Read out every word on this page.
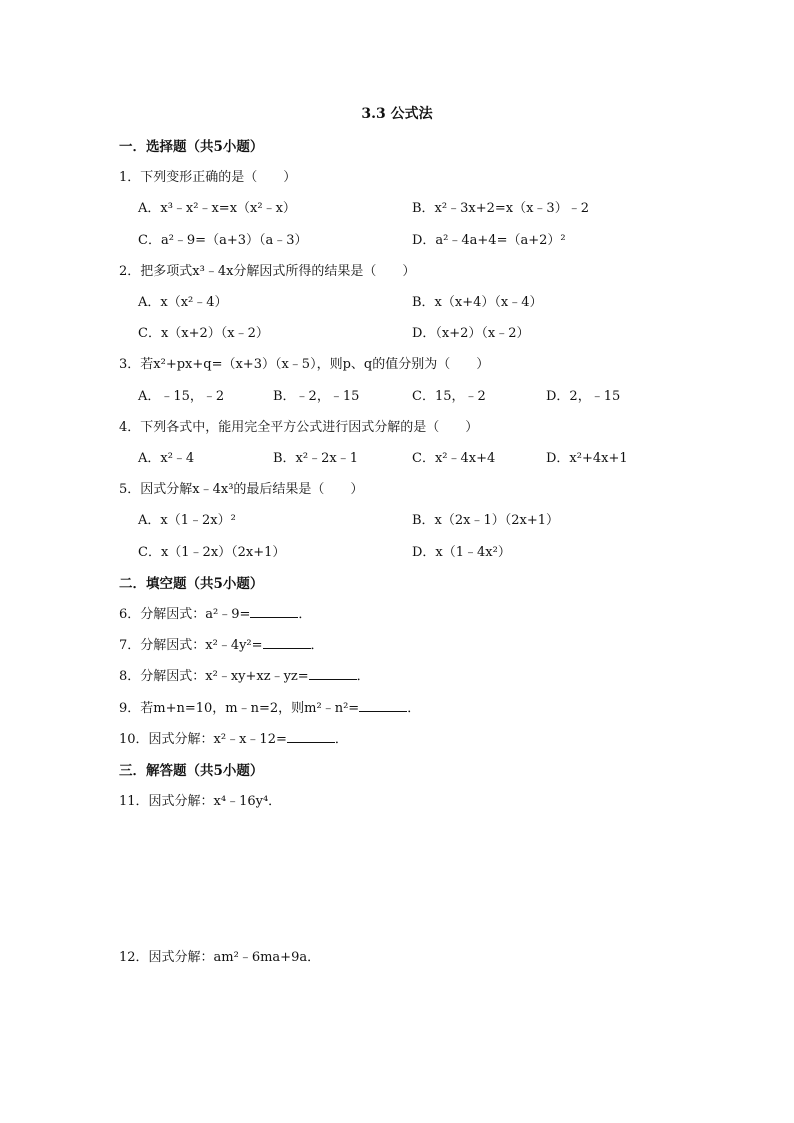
3.3 公式法
一．选择题（共5小题）
1．下列变形正确的是（　　）
A．x³﹣x²﹣x=x（x²﹣x）	B．x²﹣3x+2=x（x﹣3）﹣2
C．a²﹣9=（a+3）（a﹣3）	D．a²﹣4a+4=（a+2）²
2．把多项式x³﹣4x分解因式所得的结果是（　　）
A．x（x²﹣4）	B．x（x+4）（x﹣4）
C．x（x+2）（x﹣2）	D．（x+2）（x﹣2）
3．若x²+px+q=（x+3）（x﹣5），则p、q的值分别为（　　）
A．﹣15，﹣2	B．﹣2，﹣15	C．15，﹣2	D．2，﹣15
4．下列各式中，能用完全平方公式进行因式分解的是（　　）
A．x²﹣4	B．x²﹣2x﹣1	C．x²﹣4x+4	D．x²+4x+1
5．因式分解x﹣4x³的最后结果是（　　）
A．x（1﹣2x）²	B．x（2x﹣1）（2x+1）
C．x（1﹣2x）（2x+1）	D．x（1﹣4x²）
二．填空题（共5小题）
6．分解因式：a²﹣9=	．
7．分解因式：x²﹣4y²=	．
8．分解因式：x²﹣xy+xz﹣yz=	．
9．若m+n=10，m﹣n=2，则m²﹣n²=	．
10．因式分解：x²﹣x﹣12=	．
三．解答题（共5小题）
11．因式分解：x⁴﹣16y⁴．
12．因式分解：am²﹣6ma+9a．
